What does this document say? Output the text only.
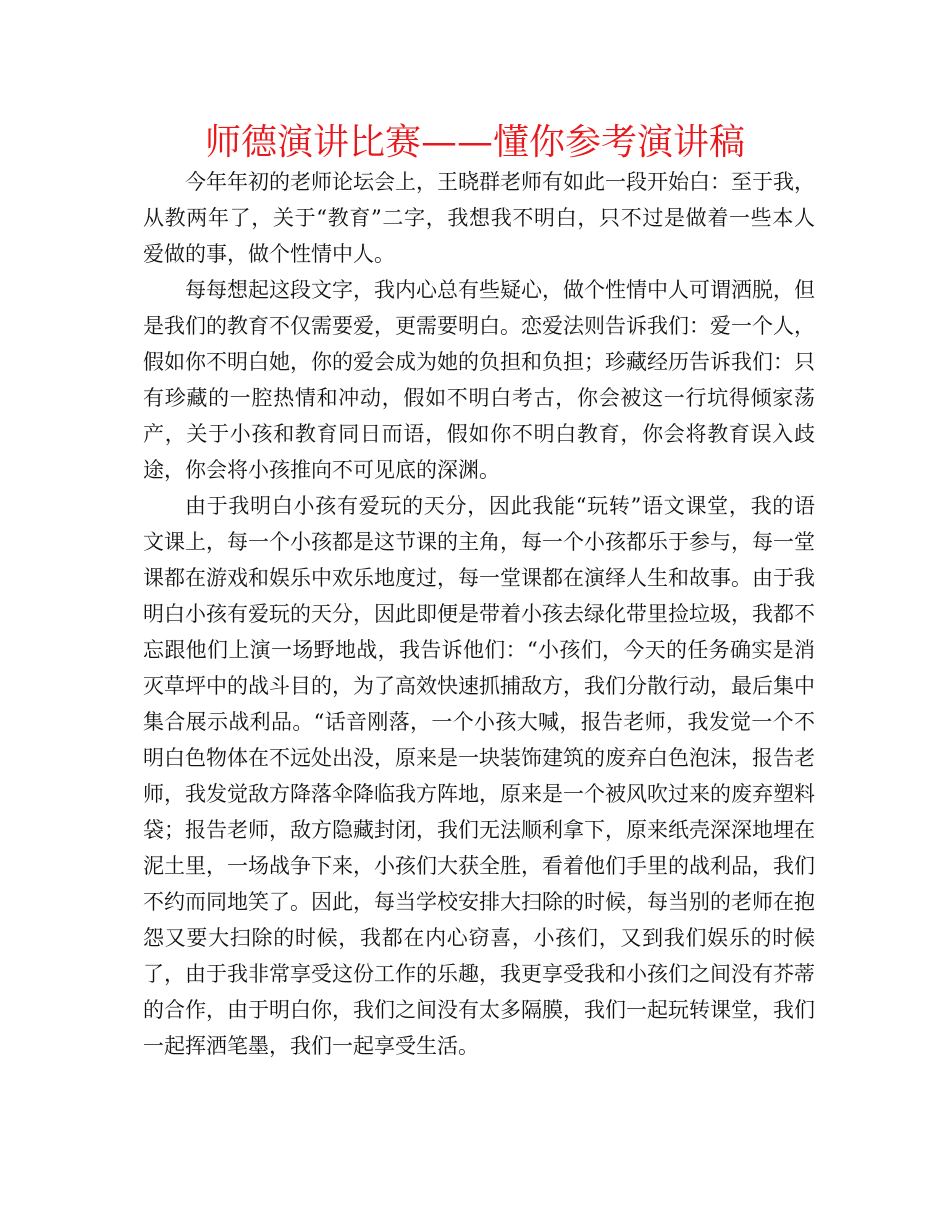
师德演讲比赛——懂你参考演讲稿

今年年初的老师论坛会上，王晓群老师有如此一段开始白：至于我，从教两年了，关于“教育”二字，我想我不明白，只不过是做着一些本人爱做的事，做个性情中人。

每每想起这段文字，我内心总有些疑心，做个性情中人可谓洒脱，但是我们的教育不仅需要爱，更需要明白。恋爱法则告诉我们：爱一个人，假如你不明白她，你的爱会成为她的负担和负担；珍藏经历告诉我们：只有珍藏的一腔热情和冲动，假如不明白考古，你会被这一行坑得倾家荡产，关于小孩和教育同日而语，假如你不明白教育，你会将教育误入歧途，你会将小孩推向不可见底的深渊。

由于我明白小孩有爱玩的天分，因此我能“玩转”语文课堂，我的语文课上，每一个小孩都是这节课的主角，每一个小孩都乐于参与，每一堂课都在游戏和娱乐中欢乐地度过，每一堂课都在演绎人生和故事。由于我明白小孩有爱玩的天分，因此即便是带着小孩去绿化带里捡垃圾，我都不忘跟他们上演一场野地战，我告诉他们：“小孩们，今天的任务确实是消灭草坪中的战斗目的，为了高效快速抓捕敌方，我们分散行动，最后集中集合展示战利品。“话音刚落，一个小孩大喊，报告老师，我发觉一个不明白色物体在不远处出没，原来是一块装饰建筑的废弃白色泡沫，报告老师，我发觉敌方降落伞降临我方阵地，原来是一个被风吹过来的废弃塑料袋；报告老师，敌方隐藏封闭，我们无法顺利拿下，原来纸壳深深地埋在泥土里，一场战争下来，小孩们大获全胜，看着他们手里的战利品，我们不约而同地笑了。因此，每当学校安排大扫除的时候，每当别的老师在抱怨又要大扫除的时候，我都在内心窃喜，小孩们，又到我们娱乐的时候了，由于我非常享受这份工作的乐趣，我更享受我和小孩们之间没有芥蒂的合作，由于明白你，我们之间没有太多隔膜，我们一起玩转课堂，我们一起挥洒笔墨，我们一起享受生活。
